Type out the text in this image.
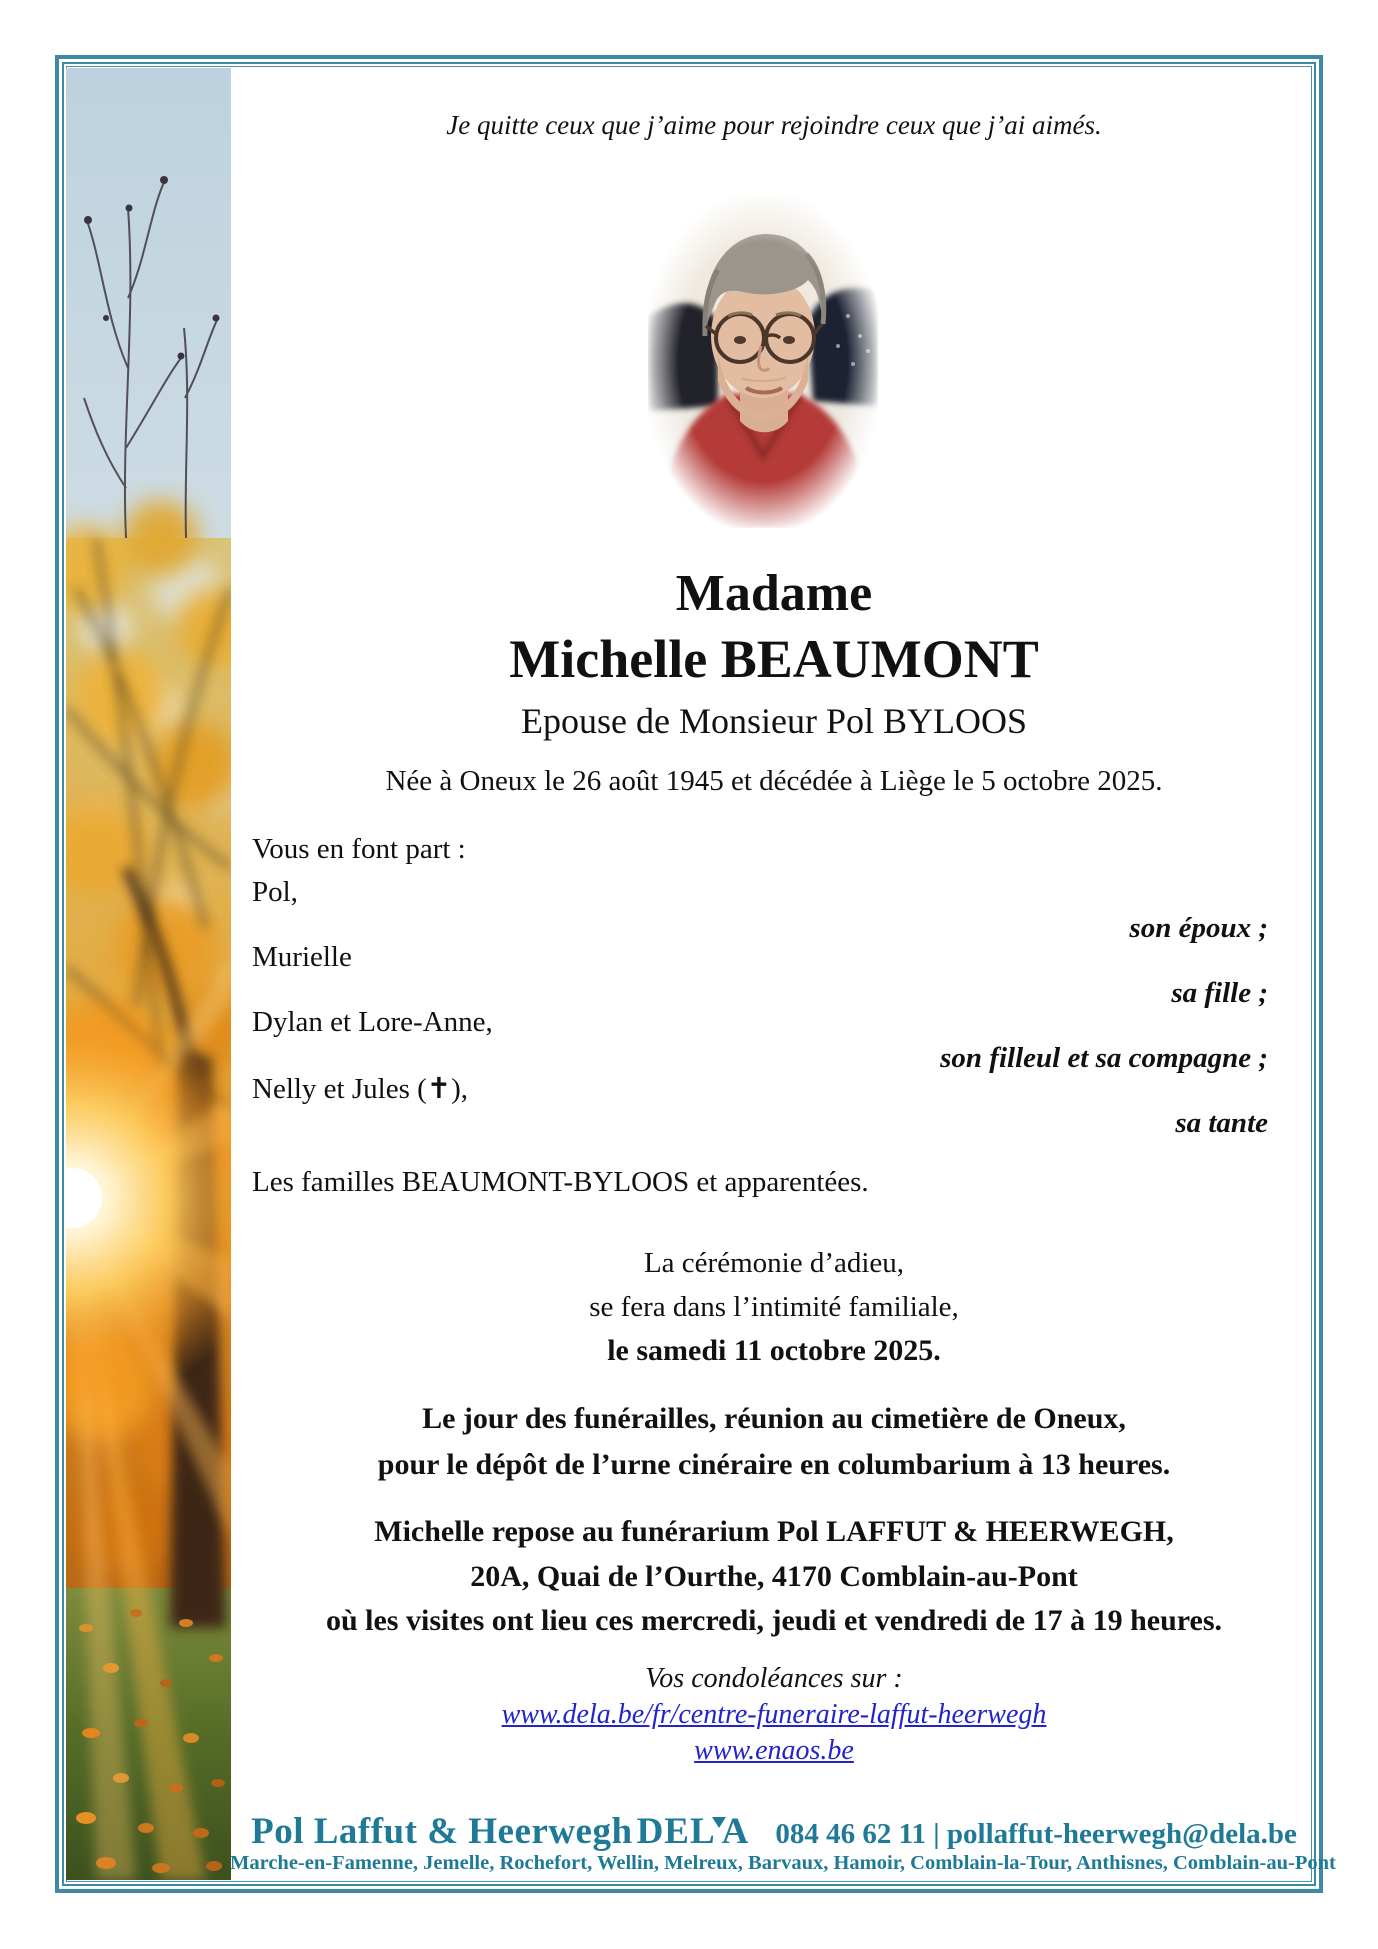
Je quitte ceux que j’aime pour rejoindre ceux que j’ai aimés.
Madame
Michelle BEAUMONT
Epouse de Monsieur Pol BYLOOS
Née à Oneux le 26 août 1945 et décédée à Liège le 5 octobre 2025.
Vous en font part :
Pol,
son époux ;
Murielle
sa fille ;
Dylan et Lore-Anne,
son filleul et sa compagne ;
Nelly et Jules (✝),
sa tante
Les familles BEAUMONT-BYLOOS et apparentées.
La cérémonie d’adieu,
se fera dans l’intimité familiale,
le samedi 11 octobre 2025.
Le jour des funérailles, réunion au cimetière de Oneux,
pour le dépôt de l’urne cinéraire en columbarium à 13 heures.
Michelle repose au funérarium Pol LAFFUT & HEERWEGH,
20A, Quai de l’Ourthe, 4170 Comblain-au-Pont
où les visites ont lieu ces mercredi, jeudi et vendredi de 17 à 19 heures.
Vos condoléances sur :
www.dela.be/fr/centre-funeraire-laffut-heerwegh
www.enaos.be
Pol Laffut & Heerwegh DEL A 084 46 62 11 | pollaffut-heerwegh@dela.be
Marche-en-Famenne, Jemelle, Rochefort, Wellin, Melreux, Barvaux, Hamoir, Comblain-la-Tour, Anthisnes, Comblain-au-Pont
